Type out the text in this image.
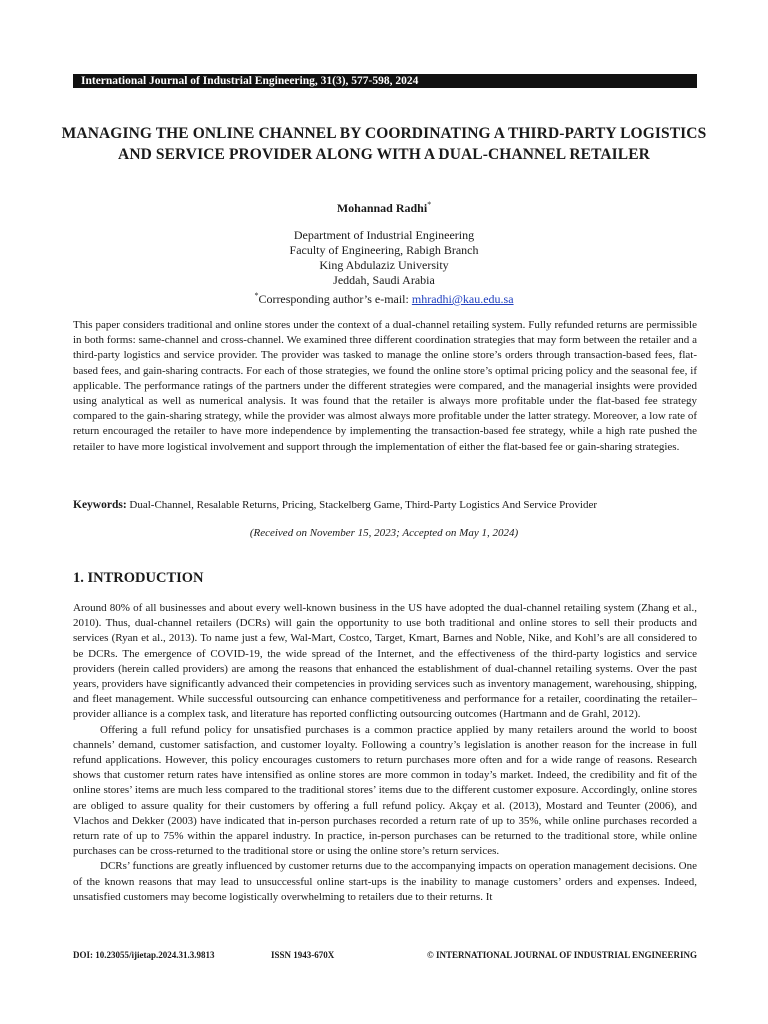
International Journal of Industrial Engineering, 31(3), 577-598, 2024
MANAGING THE ONLINE CHANNEL BY COORDINATING A THIRD-PARTY LOGISTICS AND SERVICE PROVIDER ALONG WITH A DUAL-CHANNEL RETAILER
Mohannad Radhi*
Department of Industrial Engineering
Faculty of Engineering, Rabigh Branch
King Abdulaziz University
Jeddah, Saudi Arabia
*Corresponding author’s e-mail: mhradhi@kau.edu.sa

This paper considers traditional and online stores under the context of a dual-channel retailing system. Fully refunded returns are permissible in both forms: same-channel and cross-channel. We examined three different coordination strategies that may form between the retailer and a third-party logistics and service provider. The provider was tasked to manage the online store’s orders through transaction-based fees, flat-based fees, and gain-sharing contracts. For each of those strategies, we found the online store’s optimal pricing policy and the seasonal fee, if applicable. The performance ratings of the partners under the different strategies were compared, and the managerial insights were provided using analytical as well as numerical analysis. It was found that the retailer is always more profitable under the flat-based fee strategy compared to the gain-sharing strategy, while the provider was almost always more profitable under the latter strategy. Moreover, a low rate of return encouraged the retailer to have more independence by implementing the transaction-based fee strategy, while a high rate pushed the retailer to have more logistical involvement and support through the implementation of either the flat-based fee or gain-sharing strategies.

Keywords: Dual-Channel, Resalable Returns, Pricing, Stackelberg Game, Third-Party Logistics And Service Provider
(Received on November 15, 2023; Accepted on May 1, 2024)
1. INTRODUCTION

Around 80% of all businesses and about every well-known business in the US have adopted the dual-channel retailing system (Zhang et al., 2010). Thus, dual-channel retailers (DCRs) will gain the opportunity to use both traditional and online stores to sell their products and services (Ryan et al., 2013). To name just a few, Wal-Mart, Costco, Target, Kmart, Barnes and Noble, Nike, and Kohl’s are all considered to be DCRs. The emergence of COVID-19, the wide spread of the Internet, and the effectiveness of the third-party logistics and service providers (herein called providers) are among the reasons that enhanced the establishment of dual-channel retailing systems. Over the past years, providers have significantly advanced their competencies in providing services such as inventory management, warehousing, shipping, and fleet management. While successful outsourcing can enhance competitiveness and performance for a retailer, coordinating the retailer–provider alliance is a complex task, and literature has reported conflicting outsourcing outcomes (Hartmann and de Grahl, 2012).

Offering a full refund policy for unsatisfied purchases is a common practice applied by many retailers around the world to boost channels’ demand, customer satisfaction, and customer loyalty. Following a country’s legislation is another reason for the increase in full refund applications. However, this policy encourages customers to return purchases more often and for a wide range of reasons. Research shows that customer return rates have intensified as online stores are more common in today’s market. Indeed, the credibility and fit of the online stores’ items are much less compared to the traditional stores’ items due to the different customer exposure. Accordingly, online stores are obliged to assure quality for their customers by offering a full refund policy. Akçay et al. (2013), Mostard and Teunter (2006), and Vlachos and Dekker (2003) have indicated that in-person purchases recorded a return rate of up to 35%, while online purchases recorded a return rate of up to 75% within the apparel industry. In practice, in-person purchases can be returned to the traditional store, while online purchases can be cross-returned to the traditional store or using the online store’s return services.

DCRs’ functions are greatly influenced by customer returns due to the accompanying impacts on operation management decisions. One of the known reasons that may lead to unsuccessful online start-ups is the inability to manage customers’ orders and expenses. Indeed, unsatisfied customers may become logistically overwhelming to retailers due to their returns. It

DOI: 10.23055/ijietap.2024.31.3.9813	ISSN 1943-670X	© INTERNATIONAL JOURNAL OF INDUSTRIAL ENGINEERING
